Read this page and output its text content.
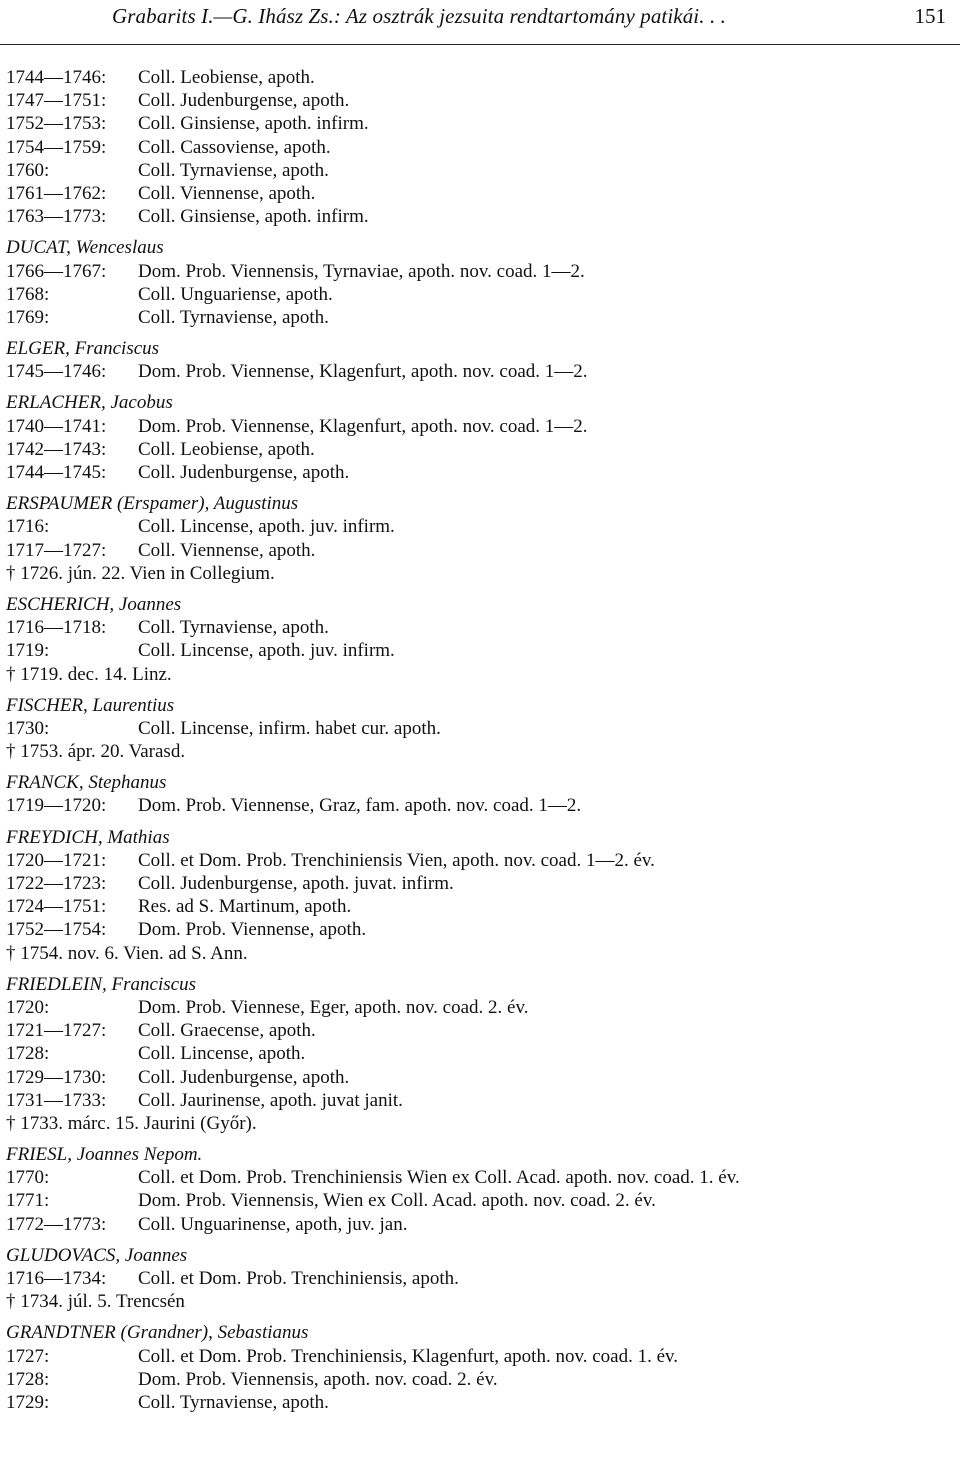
Grabarits I.—G. Ihász Zs.: Az osztrák jezsuita rendtartomány patikái. . .	151
1744—1746:	Coll. Leobiense, apoth.
1747—1751:	Coll. Judenburgense, apoth.
1752—1753:	Coll. Ginsiense, apoth. infirm.
1754—1759:	Coll. Cassoviense, apoth.
1760:	Coll. Tyrnaviense, apoth.
1761—1762:	Coll. Viennense, apoth.
1763—1773:	Coll. Ginsiense, apoth. infirm.
DUCAT, Wenceslaus
1766—1767:	Dom. Prob. Viennensis, Tyrnaviae, apoth. nov. coad. 1—2.
1768:	Coll. Unguariense, apoth.
1769:	Coll. Tyrnaviense, apoth.
ELGER, Franciscus
1745—1746:	Dom. Prob. Viennense, Klagenfurt, apoth. nov. coad. 1—2.
ERLACHER, Jacobus
1740—1741:	Dom. Prob. Viennense, Klagenfurt, apoth. nov. coad. 1—2.
1742—1743:	Coll. Leobiense, apoth.
1744—1745:	Coll. Judenburgense, apoth.
ERSPAUMER (Erspamer), Augustinus
1716:	Coll. Lincense, apoth. juv. infirm.
1717—1727:	Coll. Viennense, apoth.
† 1726. jún. 22. Vien in Collegium.
ESCHERICH, Joannes
1716—1718:	Coll. Tyrnaviense, apoth.
1719:	Coll. Lincense, apoth. juv. infirm.
† 1719. dec. 14. Linz.
FISCHER, Laurentius
1730:	Coll. Lincense, infirm. habet cur. apoth.
† 1753. ápr. 20. Varasd.
FRANCK, Stephanus
1719—1720:	Dom. Prob. Viennense, Graz, fam. apoth. nov. coad. 1—2.
FREYDICH, Mathias
1720—1721:	Coll. et Dom. Prob. Trenchiniensis Vien, apoth. nov. coad. 1—2. év.
1722—1723:	Coll. Judenburgense, apoth. juvat. infirm.
1724—1751:	Res. ad S. Martinum, apoth.
1752—1754:	Dom. Prob. Viennense, apoth.
† 1754. nov. 6. Vien. ad S. Ann.
FRIEDLEIN, Franciscus
1720:	Dom. Prob. Viennese, Eger, apoth. nov. coad. 2. év.
1721—1727:	Coll. Graecense, apoth.
1728:	Coll. Lincense, apoth.
1729—1730:	Coll. Judenburgense, apoth.
1731—1733:	Coll. Jaurinense, apoth. juvat janit.
† 1733. márc. 15. Jaurini (Győr).
FRIESL, Joannes Nepom.
1770:	Coll. et Dom. Prob. Trenchiniensis Wien ex Coll. Acad. apoth. nov. coad. 1. év.
1771:	Dom. Prob. Viennensis, Wien ex Coll. Acad. apoth. nov. coad. 2. év.
1772—1773:	Coll. Unguarinense, apoth, juv. jan.
GLUDOVACS, Joannes
1716—1734:	Coll. et Dom. Prob. Trenchiniensis, apoth.
† 1734. júl. 5. Trencsén
GRANDTNER (Grandner), Sebastianus
1727:	Coll. et Dom. Prob. Trenchiniensis, Klagenfurt, apoth. nov. coad. 1. év.
1728:	Dom. Prob. Viennensis, apoth. nov. coad. 2. év.
1729:	Coll. Tyrnaviense, apoth.
